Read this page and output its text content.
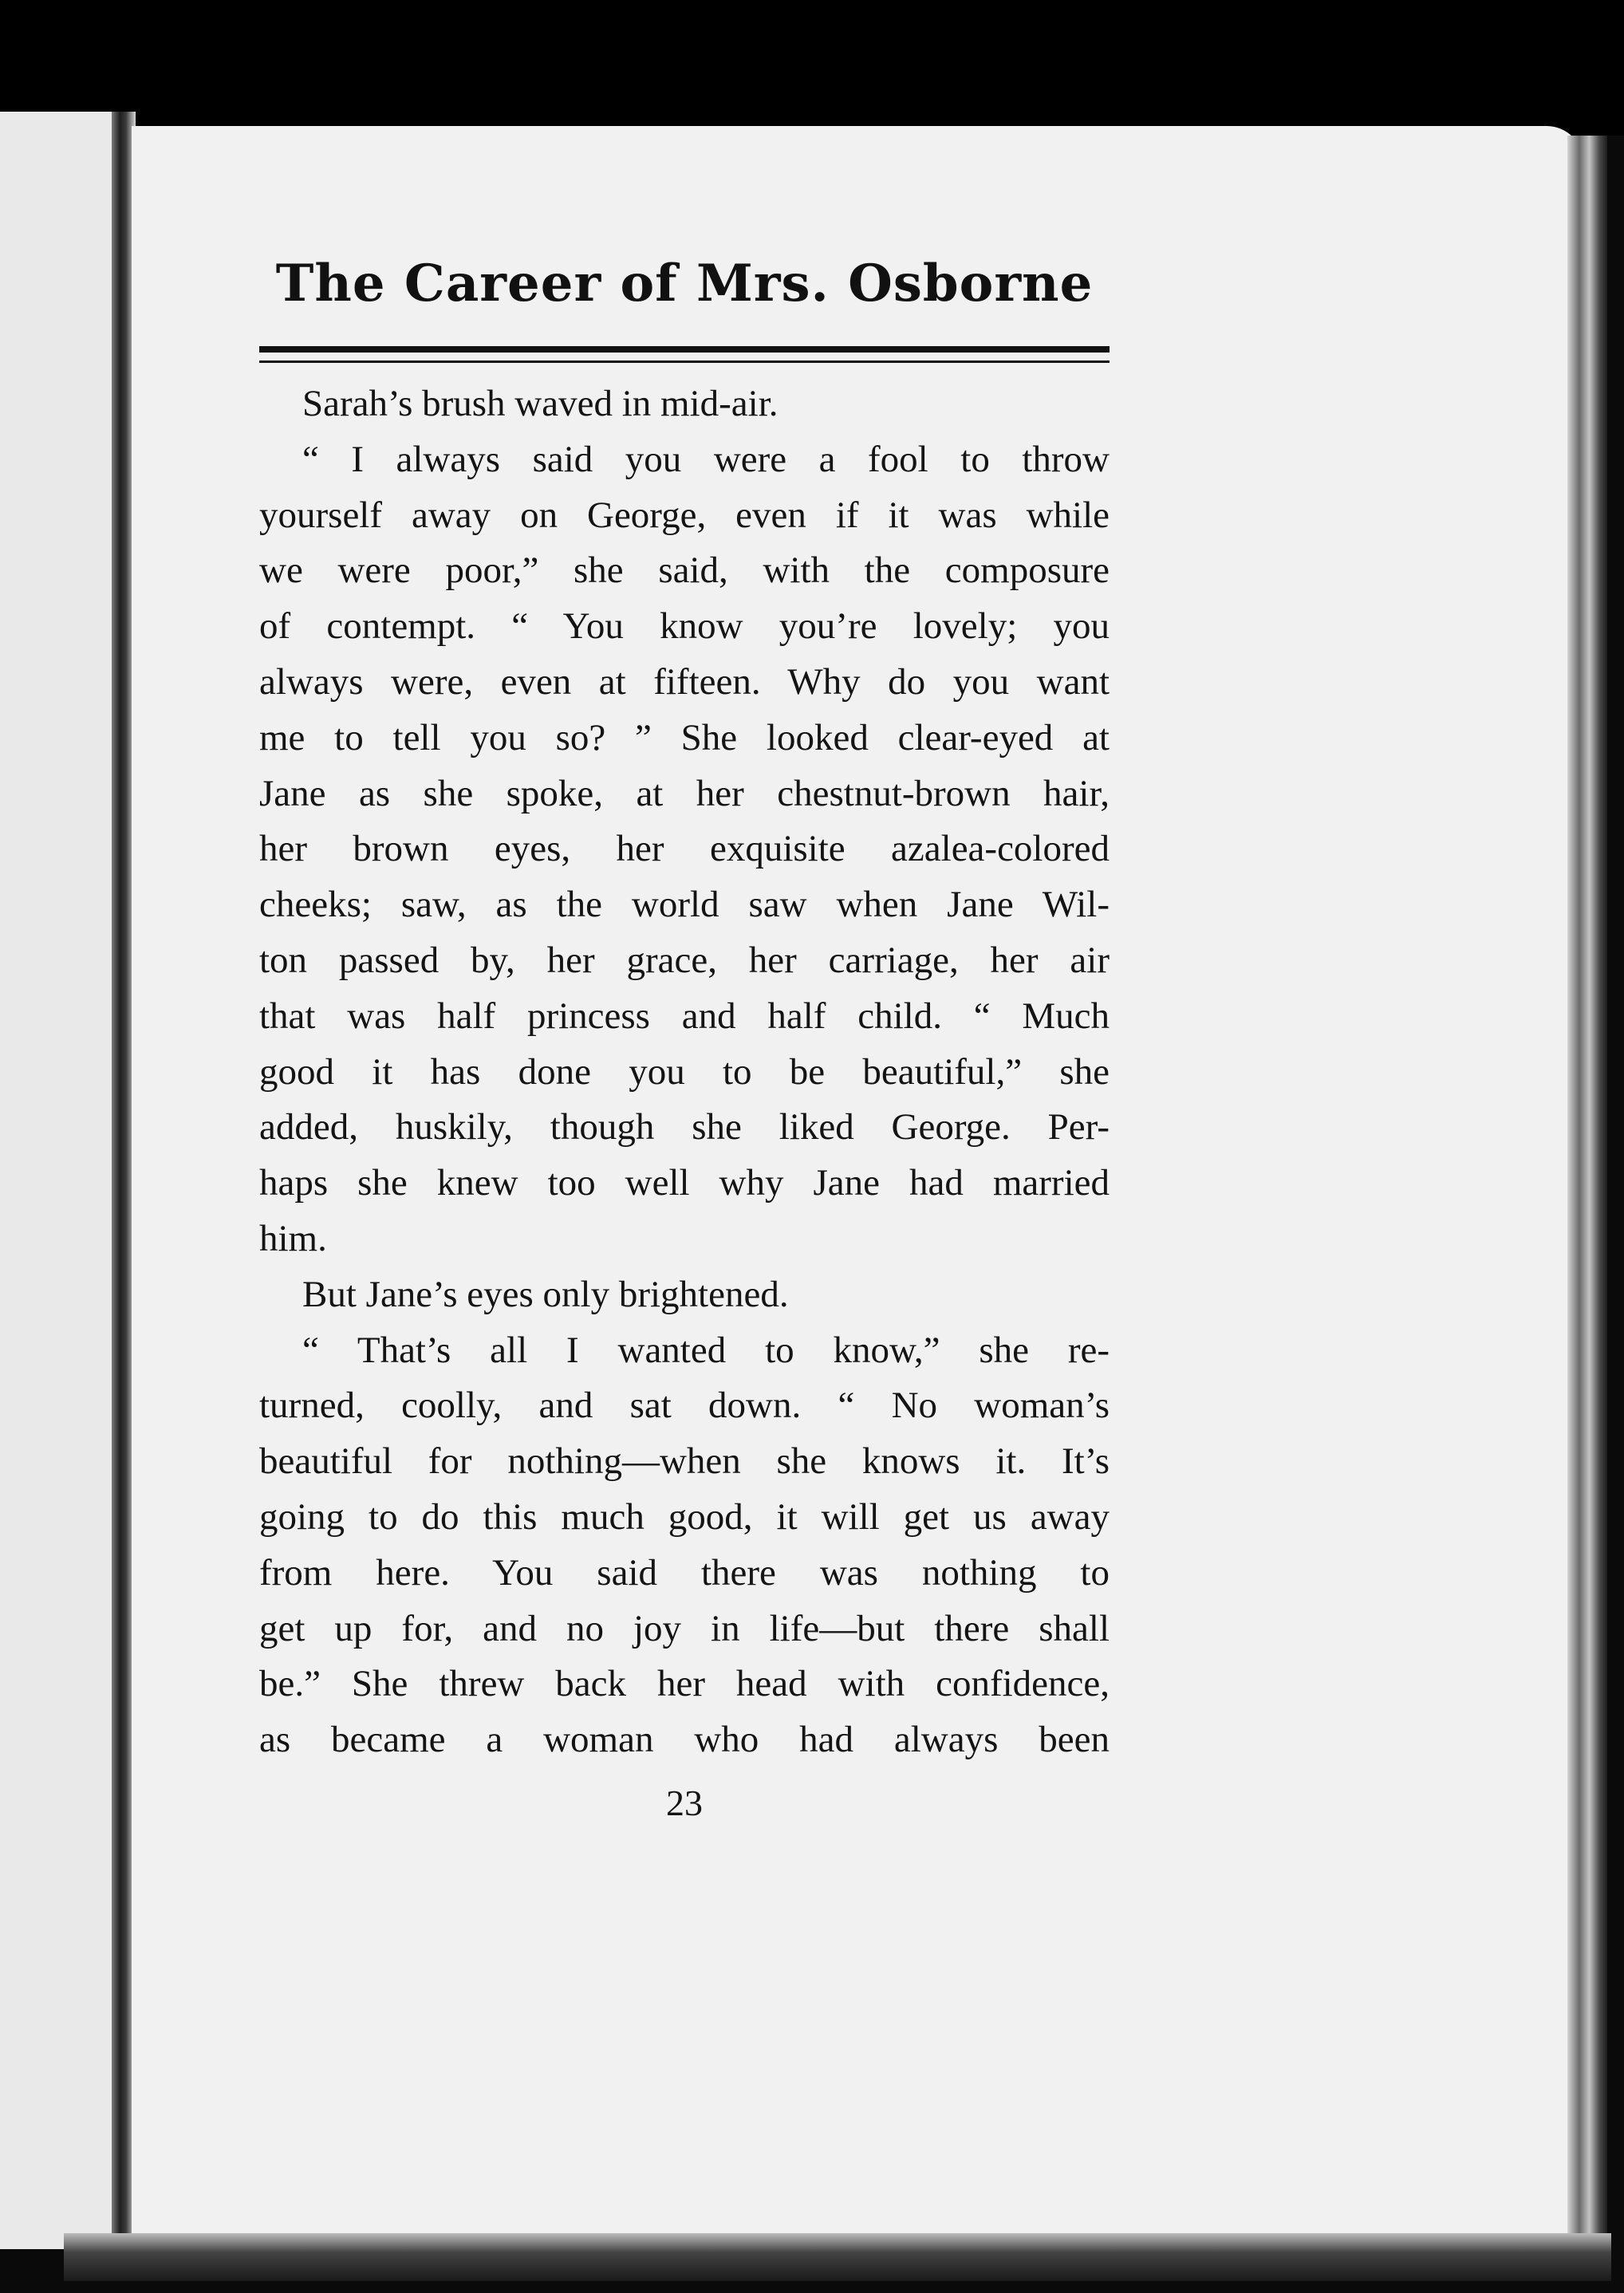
The Career of Mrs. Osborne

Sarah’s brush waved in mid-air.

“ I always said you were a fool to throw

yourself away on George, even if it was while

we were poor,” she said, with the composure

of contempt. “ You know you’re lovely; you

always were, even at fifteen. Why do you want

me to tell you so? ” She looked clear-eyed at

Jane as she spoke, at her chestnut-brown hair,

her brown eyes, her exquisite azalea-colored

cheeks; saw, as the world saw when Jane Wil-

ton passed by, her grace, her carriage, her air

that was half princess and half child. “ Much

good it has done you to be beautiful,” she

added, huskily, though she liked George. Per-

haps she knew too well why Jane had married

him.

But Jane’s eyes only brightened.

“ That’s all I wanted to know,” she re-

turned, coolly, and sat down. “ No woman’s

beautiful for nothing—when she knows it. It’s

going to do this much good, it will get us away

from here. You said there was nothing to

get up for, and no joy in life—but there shall

be.” She threw back her head with confidence,

as became a woman who had always been

23
